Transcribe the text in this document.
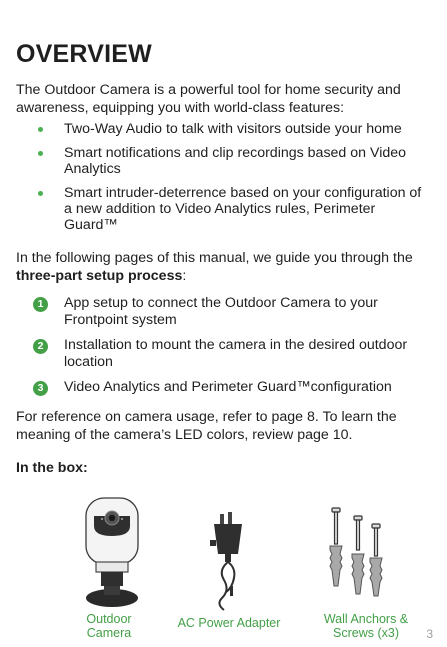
OVERVIEW
The Outdoor Camera is a powerful tool for home security and awareness, equipping you with world-class features:
Two-Way Audio to talk with visitors outside your home
Smart notifications and clip recordings based on Video Analytics
Smart intruder-deterrence based on your configuration of a new addition to Video Analytics rules, Perimeter Guard™
In the following pages of this manual, we guide you through the three-part setup process:
1	App setup to connect the Outdoor Camera to your Frontpoint system
2	Installation to mount the camera in the desired outdoor location
3	Video Analytics and Perimeter Guard™configuration
For reference on camera usage, refer to page 8. To learn the meaning of the camera’s LED colors, review page 10.
In the box:
Outdoor
Camera
AC Power Adapter	Wall Anchors &
Screws (x3)	3
